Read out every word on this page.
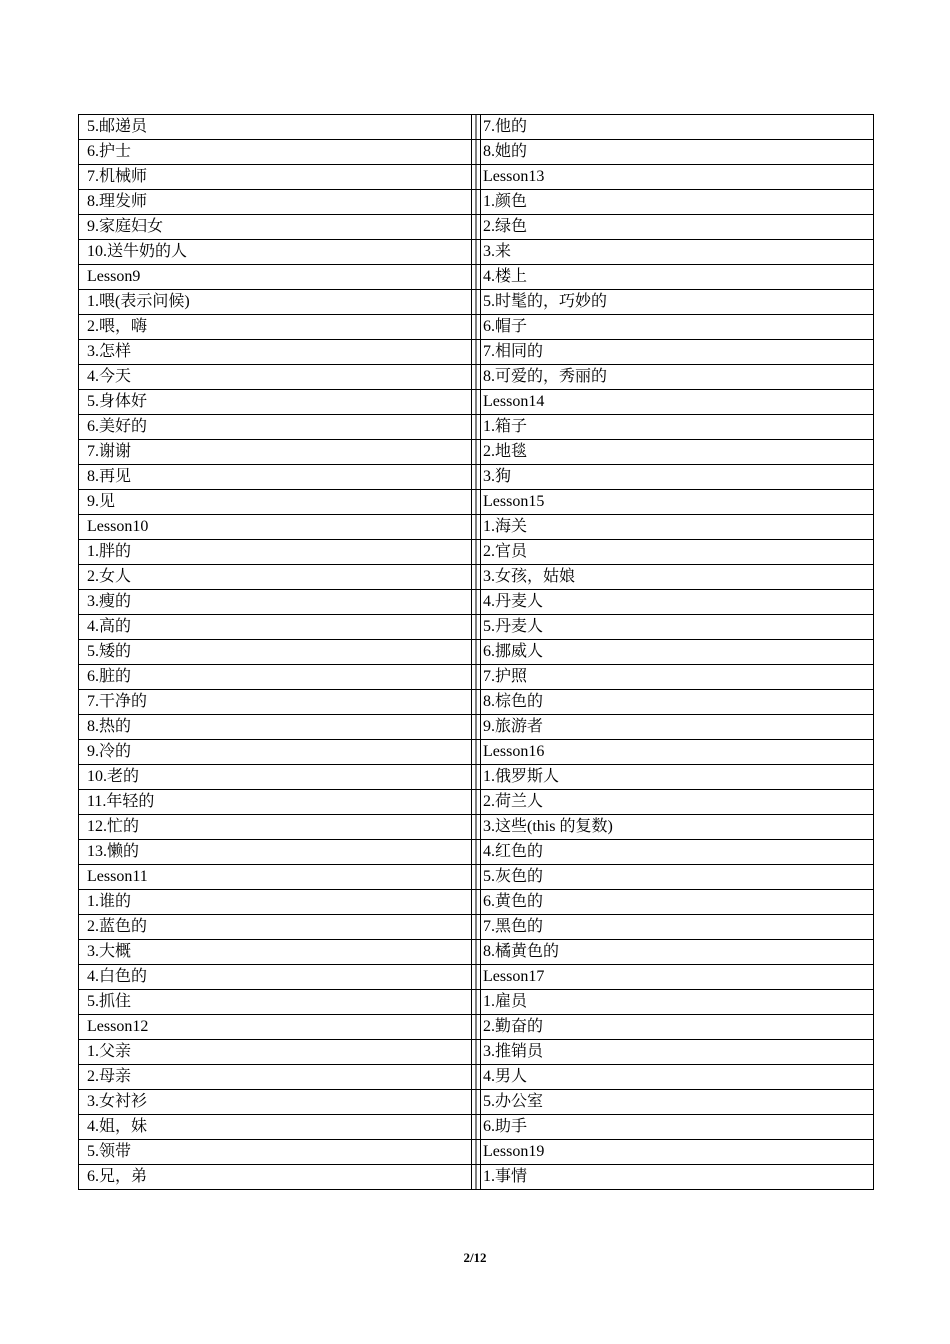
5.邮递员		7.他的
6.护士		8.她的
7.机械师		Lesson13
8.理发师		1.颜色
9.家庭妇女		2.绿色
10.送牛奶的人		3.来
Lesson9		4.楼上
1.喂(表示问候)		5.时髦的，巧妙的
2.喂，嗨		6.帽子
3.怎样		7.相同的
4.今天		8.可爱的，秀丽的
5.身体好		Lesson14
6.美好的		1.箱子
7.谢谢		2.地毯
8.再见		3.狗
9.见		Lesson15
Lesson10		1.海关
1.胖的		2.官员
2.女人		3.女孩，姑娘
3.瘦的		4.丹麦人
4.高的		5.丹麦人
5.矮的		6.挪威人
6.脏的		7.护照
7.干净的		8.棕色的
8.热的		9.旅游者
9.冷的		Lesson16
10.老的		1.俄罗斯人
11.年轻的		2.荷兰人
12.忙的		3.这些(this 的复数)
13.懒的		4.红色的
Lesson11		5.灰色的
1.谁的		6.黄色的
2.蓝色的		7.黑色的
3.大概		8.橘黄色的
4.白色的		Lesson17
5.抓住		1.雇员
Lesson12		2.勤奋的
1.父亲		3.推销员
2.母亲		4.男人
3.女衬衫		5.办公室
4.姐，妹		6.助手
5.领带		Lesson19
6.兄，弟		1.事情
2/12
